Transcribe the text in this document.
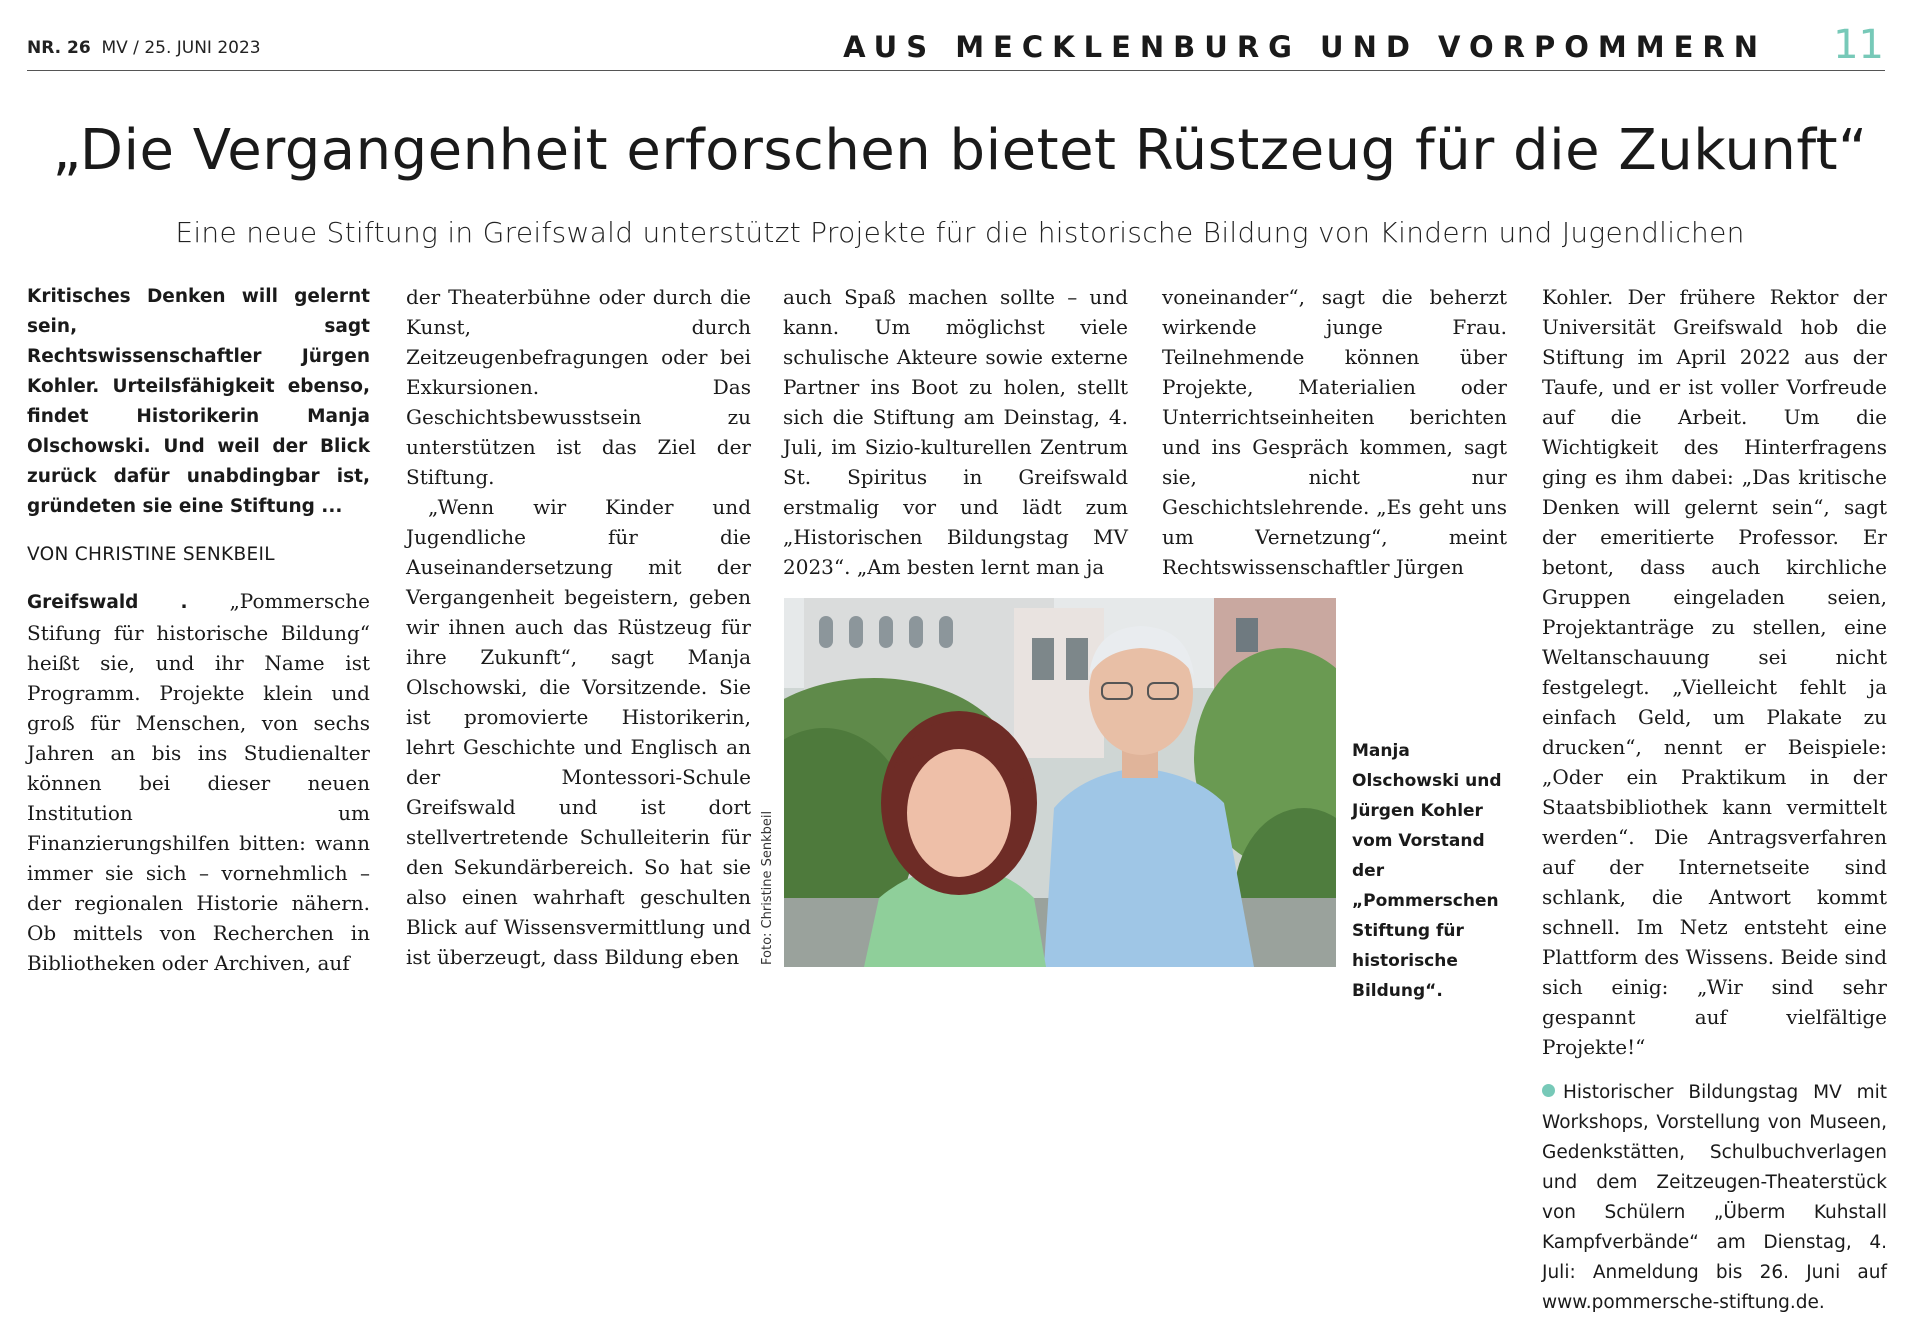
NR. 26 MV / 25. JUNI 2023	AUS MECKLENBURG UND VORPOMMERN 11
„Die Vergangenheit erforschen bietet Rüstzeug für die Zukunft“
Eine neue Stiftung in Greifswald unterstützt Projekte für die historische Bildung von Kindern und Jugendlichen

Kritisches Denken will gelernt sein, sagt Rechtswissenschaftler Jürgen Kohler. Urteilsfähigkeit ebenso, findet Historikerin Manja Olschowski. Und weil der Blick zurück dafür unabdingbar ist, gründeten sie eine Stiftung ...

VON CHRISTINE SENKBEIL

Greifswald . „Pommersche Stifung für historische Bildung“ heißt sie, und ihr Name ist Programm. Projekte klein und groß für Menschen, von sechs Jahren an bis ins Studienalter können bei dieser neuen Institution um Finanzierungshilfen bitten: wann immer sie sich – vornehmlich – der regionalen Historie nähern. Ob mittels von Recherchen in Bibliotheken oder Archiven, auf

der Theaterbühne oder durch die Kunst, durch Zeitzeugenbefragungen oder bei Exkursionen. Das Geschichtsbewusstsein zu unterstützen ist das Ziel der Stiftung.

„Wenn wir Kinder und Jugendliche für die Auseinandersetzung mit der Vergangenheit begeistern, geben wir ihnen auch das Rüstzeug für ihre Zukunft“, sagt Manja Olschowski, die Vorsitzende. Sie ist promovierte Historikerin, lehrt Geschichte und Englisch an der Montessori-Schule Greifswald und ist dort stellvertretende Schulleiterin für den Sekundärbereich. So hat sie also einen wahrhaft geschulten Blick auf Wissensvermittlung und ist überzeugt, dass Bildung eben

auch Spaß machen sollte – und kann. Um möglichst viele schulische Akteure sowie externe Partner ins Boot zu holen, stellt sich die Stiftung am Deinstag, 4. Juli, im Sizio-kulturellen Zentrum St. Spiritus in Greifswald erstmalig vor und lädt zum „Historischen Bildungstag MV 2023“. „Am besten lernt man ja

voneinander“, sagt die beherzt wirkende junge Frau. Teilnehmende können über Projekte, Materialien oder Unterrichtseinheiten berichten und ins Gespräch kommen, sagt sie, nicht nur Geschichtslehrende. „Es geht uns um Vernetzung“, meint Rechtswissenschaftler Jürgen

Kohler. Der frühere Rektor der Universität Greifswald hob die Stiftung im April 2022 aus der Taufe, und er ist voller Vorfreude auf die Arbeit. Um die Wichtigkeit des Hinterfragens ging es ihm dabei: „Das kritische Denken will gelernt sein“, sagt der emeritierte Professor. Er betont, dass auch kirchliche Gruppen eingeladen seien, Projektanträge zu stellen, eine Weltanschauung sei nicht festgelegt. „Vielleicht fehlt ja einfach Geld, um Plakate zu drucken“, nennt er Beispiele: „Oder ein Praktikum in der Staatsbibliothek kann vermittelt werden“. Die Antragsverfahren auf der Internetseite sind schlank, die Antwort kommt schnell. Im Netz entsteht eine Plattform des Wissens. Beide sind sich einig: „Wir sind sehr gespannt auf vielfältige Projekte!“

Historischer Bildungstag MV mit Workshops, Vorstellung von Museen, Gedenkstätten, Schulbuchverlagen und dem Zeitzeugen-Theaterstück von Schülern „Überm Kuhstall Kampfverbände“ am Dienstag, 4. Juli: Anmeldung bis 26. Juni auf www.pommersche-stiftung.de.

Foto: Christine Senkbeil

Manja Olschowski und Jürgen Kohler vom Vorstand der „Pommerschen Stiftung für historische Bildung“.
